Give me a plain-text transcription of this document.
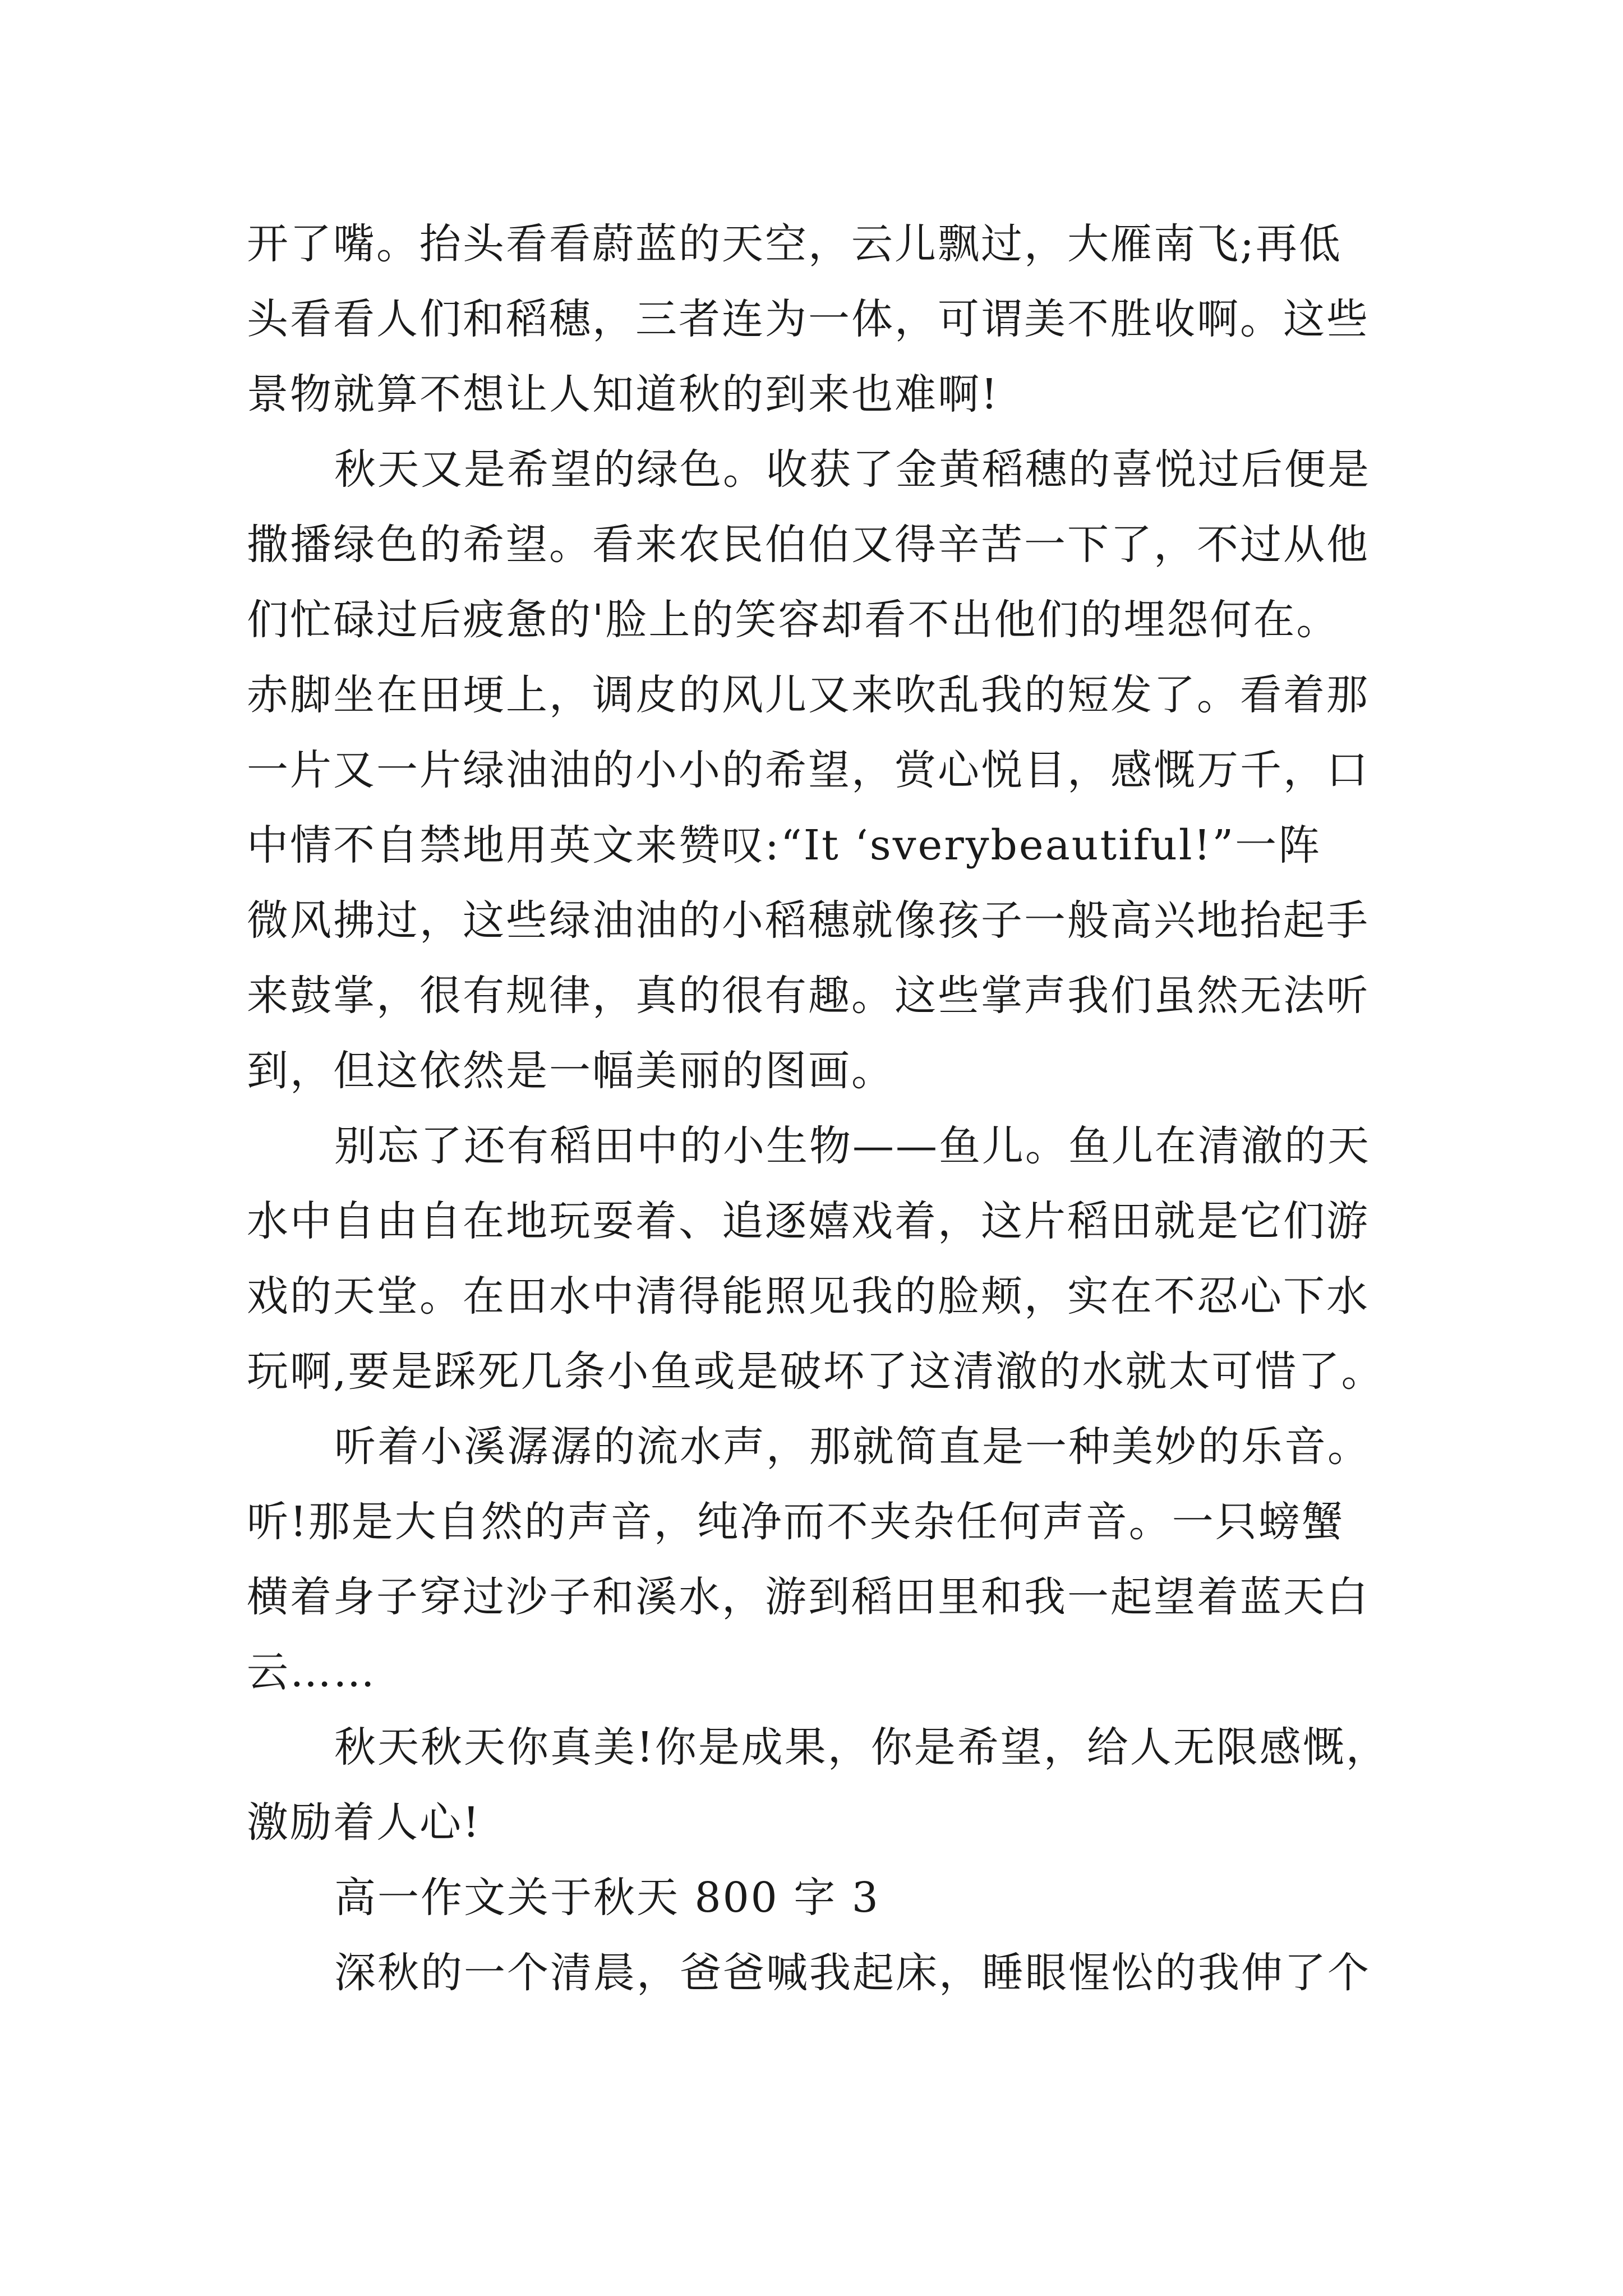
开了嘴。抬头看看蔚蓝的天空，云儿飘过，大雁南飞;再低
头看看人们和稻穗，三者连为一体，可谓美不胜收啊。这些
景物就算不想让人知道秋的到来也难啊!
秋天又是希望的绿色。收获了金黄稻穗的喜悦过后便是
撒播绿色的希望。看来农民伯伯又得辛苦一下了，不过从他
们忙碌过后疲惫的'脸上的笑容却看不出他们的埋怨何在。
赤脚坐在田埂上，调皮的风儿又来吹乱我的短发了。看着那
一片又一片绿油油的小小的希望，赏心悦目，感慨万千，口
中情不自禁地用英文来赞叹:“It ‘sverybeautiful!”一阵
微风拂过，这些绿油油的小稻穗就像孩子一般高兴地抬起手
来鼓掌，很有规律，真的很有趣。这些掌声我们虽然无法听
到，但这依然是一幅美丽的图画。
别忘了还有稻田中的小生物——鱼儿。鱼儿在清澈的天
水中自由自在地玩耍着、追逐嬉戏着，这片稻田就是它们游
戏的天堂。在田水中清得能照见我的脸颊，实在不忍心下水
玩啊,要是踩死几条小鱼或是破坏了这清澈的水就太可惜了。
听着小溪潺潺的流水声，那就简直是一种美妙的乐音。
听!那是大自然的声音，纯净而不夹杂任何声音。一只螃蟹
横着身子穿过沙子和溪水，游到稻田里和我一起望着蓝天白
云……
秋天秋天你真美!你是成果，你是希望，给人无限感慨，
激励着人心!
高一作文关于秋天 800 字 3
深秋的一个清晨，爸爸喊我起床，睡眼惺忪的我伸了个
